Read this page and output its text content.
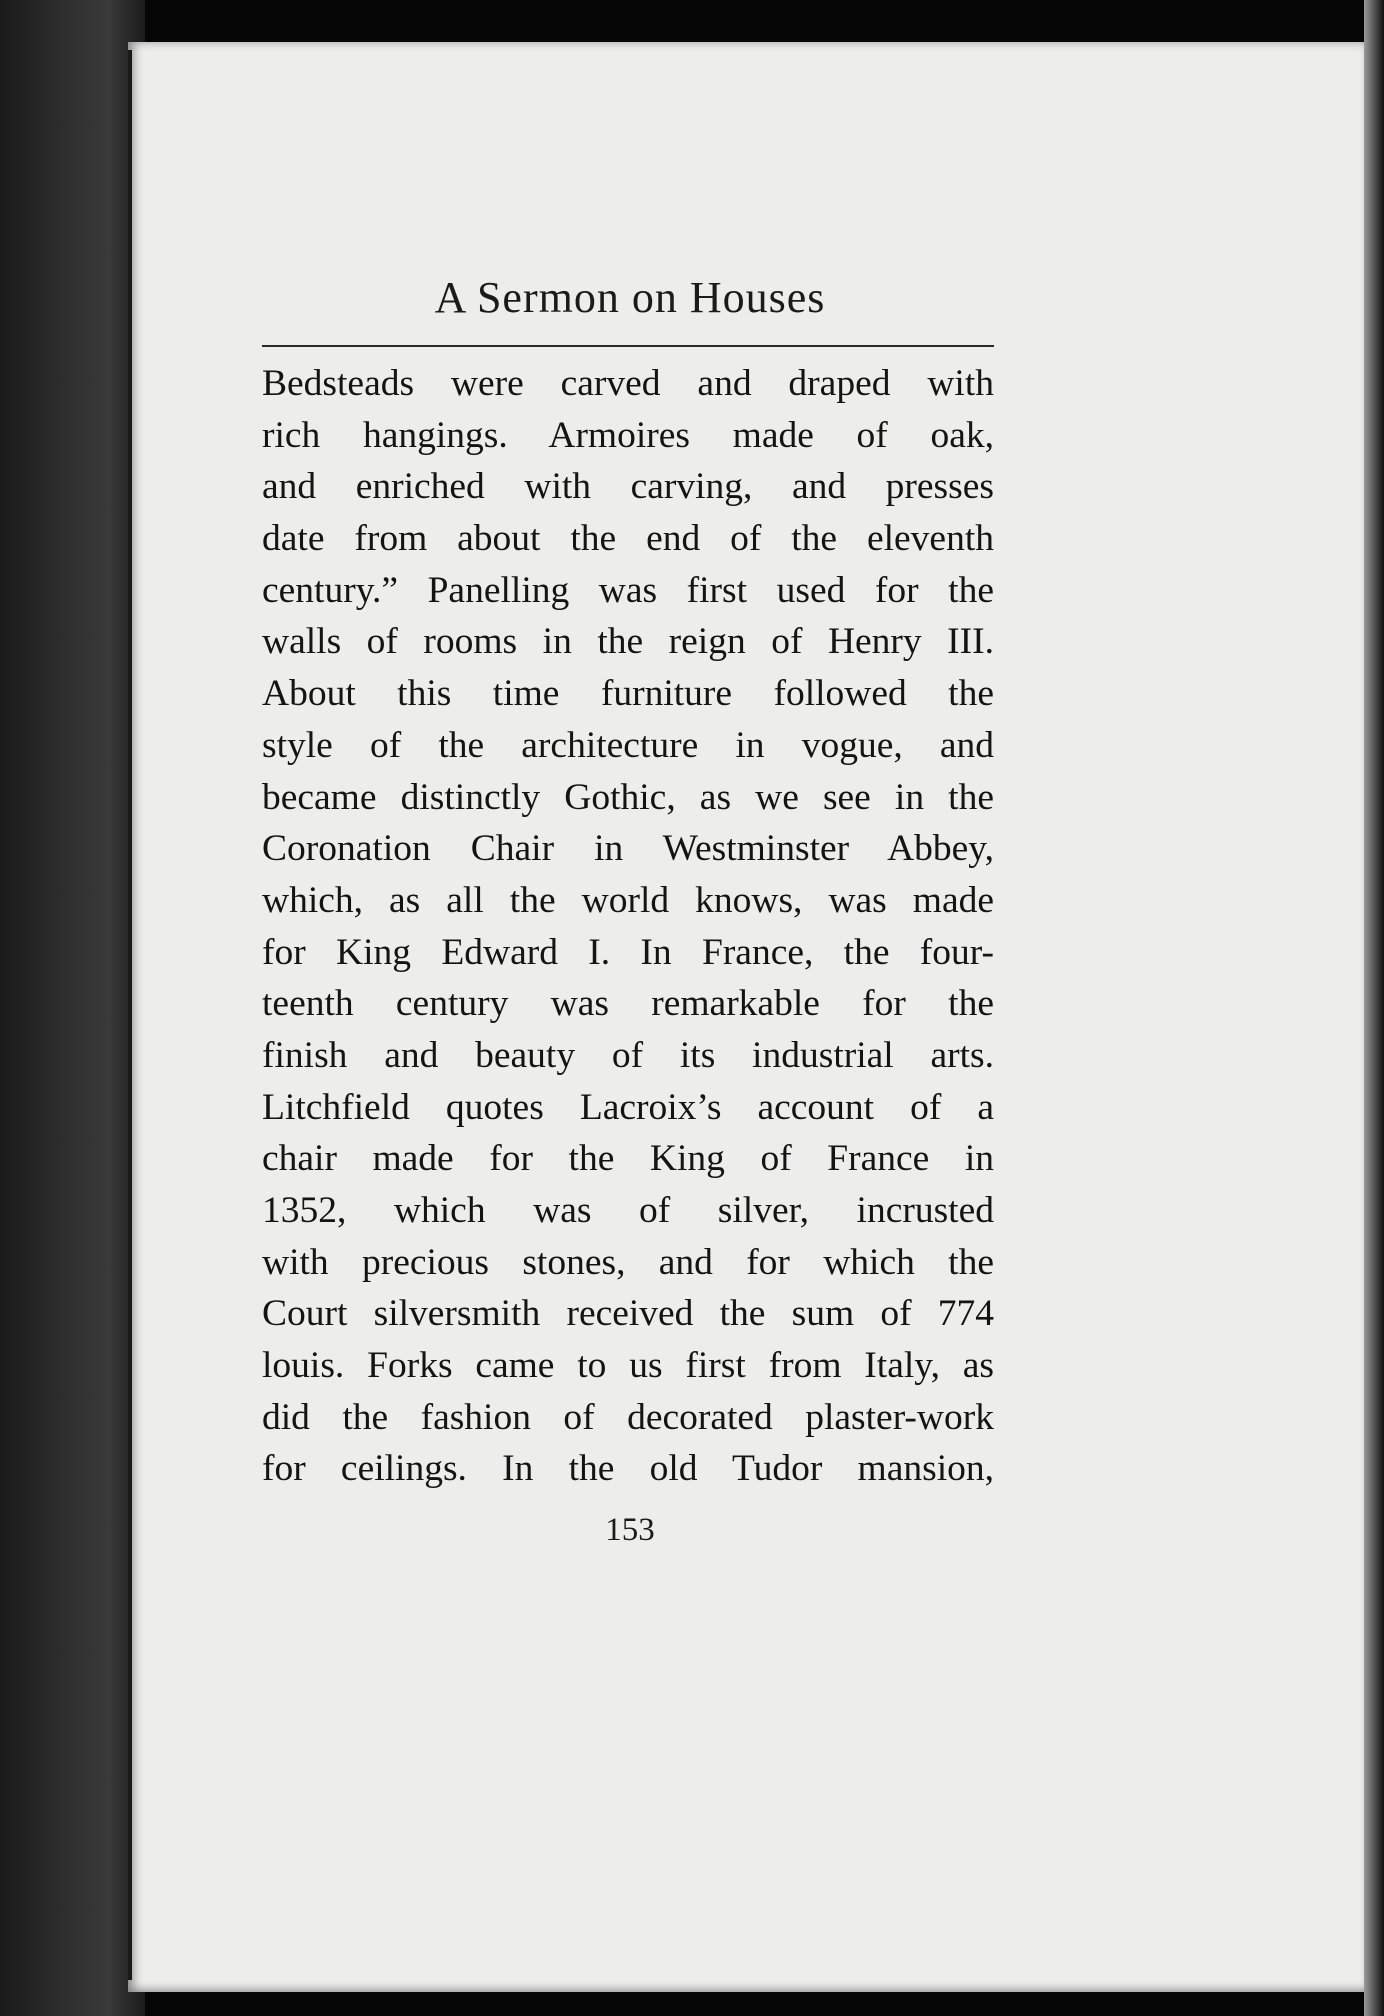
A Sermon on Houses
Bedsteads were carved and draped with
rich hangings. Armoires made of oak,
and enriched with carving, and presses
date from about the end of the eleventh
century.” Panelling was first used for the
walls of rooms in the reign of Henry III.
About this time furniture followed the
style of the architecture in vogue, and
became distinctly Gothic, as we see in the
Coronation Chair in Westminster Abbey,
which, as all the world knows, was made
for King Edward I. In France, the four-
teenth century was remarkable for the
finish and beauty of its industrial arts.
Litchfield quotes Lacroix’s account of a
chair made for the King of France in
1352, which was of silver, incrusted
with precious stones, and for which the
Court silversmith received the sum of 774
louis. Forks came to us first from Italy, as
did the fashion of decorated plaster-work
for ceilings. In the old Tudor mansion,
153
